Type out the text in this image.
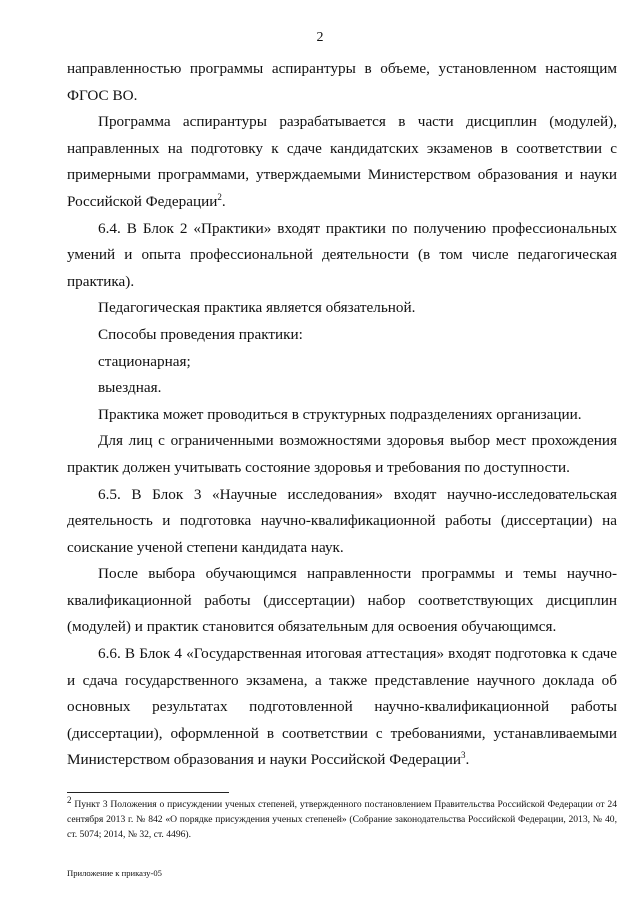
2

направленностью программы аспирантуры в объеме, установленном настоящим ФГОС ВО.

Программа аспирантуры разрабатывается в части дисциплин (модулей), направленных на подготовку к сдаче кандидатских экзаменов в соответствии с примерными программами, утверждаемыми Министерством образования и науки Российской Федерации$^2$.

6.4. В Блок 2 «Практики» входят практики по получению профессиональных умений и опыта профессиональной деятельности (в том числе педагогическая практика).

Педагогическая практика является обязательной.

Способы проведения практики:

стационарная;

выездная.

Практика может проводиться в структурных подразделениях организации.

Для лиц с ограниченными возможностями здоровья выбор мест прохождения практик должен учитывать состояние здоровья и требования по доступности.

6.5. В Блок 3 «Научные исследования» входят научно-исследовательская деятельность и подготовка научно-квалификационной работы (диссертации) на соискание ученой степени кандидата наук.

После выбора обучающимся направленности программы и темы научно-квалификационной работы (диссертации) набор соответствующих дисциплин (модулей) и практик становится обязательным для освоения обучающимся.

6.6. В Блок 4 «Государственная итоговая аттестация» входят подготовка к сдаче и сдача государственного экзамена, а также представление научного доклада об основных результатах подготовленной научно-квалификационной работы (диссертации), оформленной в соответствии с требованиями, устанавливаемыми Министерством образования и науки Российской Федерации$^3$.

$^2$ Пункт 3 Положения о присуждении ученых степеней, утвержденного постановлением Правительства Российской Федерации от 24 сентября 2013 г. № 842 «О порядке присуждения ученых степеней» (Собрание законодательства Российской Федерации, 2013, № 40, ст. 5074; 2014, № 32, ст. 4496).

Приложение к приказу-05
